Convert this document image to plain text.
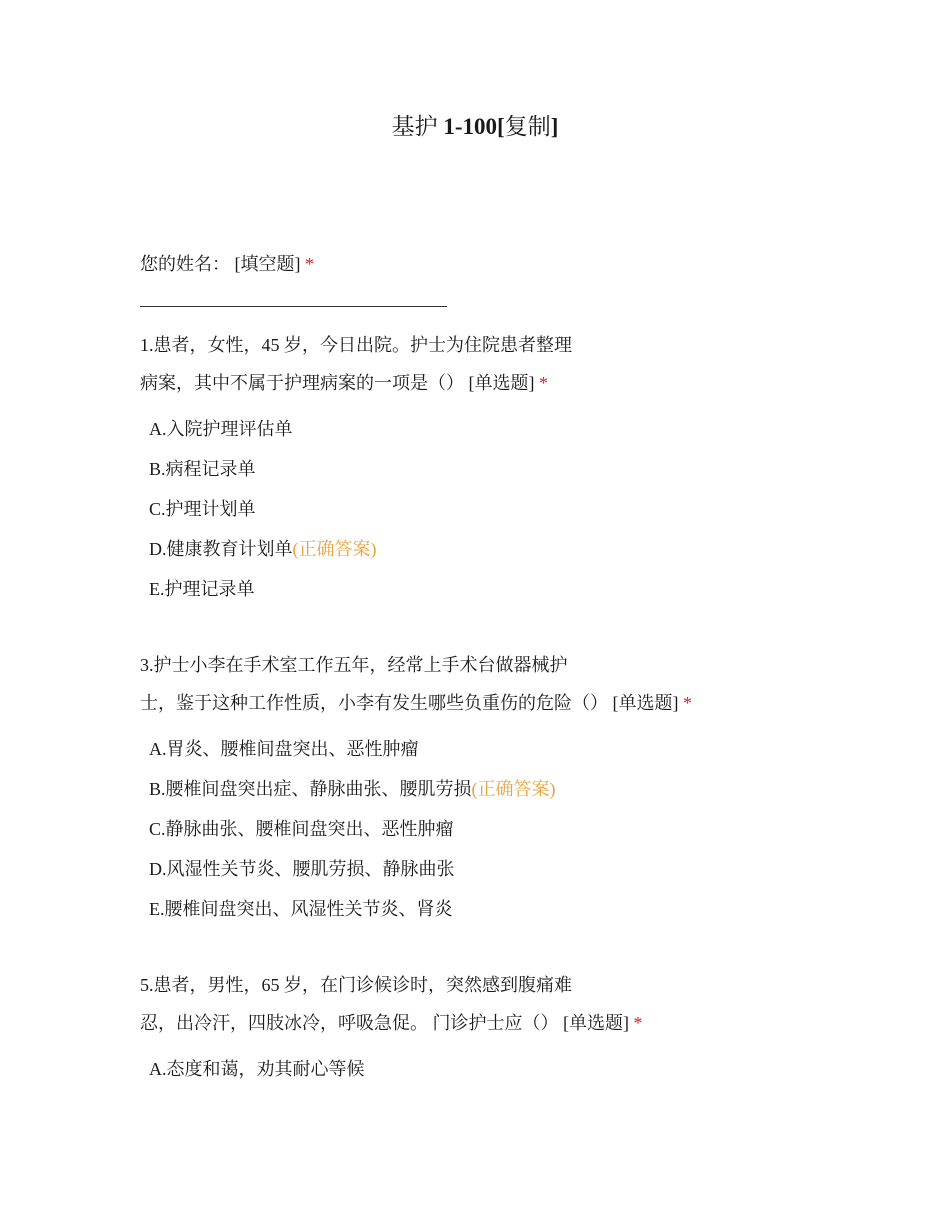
基护 1-100[复制]
您的姓名： [填空题] *
1.患者，女性，45 岁，今日出院。护士为住院患者整理
病案，其中不属于护理病案的一项是（） [单选题] *
A.入院护理评估单
B.病程记录单
C.护理计划单
D.健康教育计划单(正确答案)
E.护理记录单
3.护士小李在手术室工作五年，经常上手术台做器械护
士，鉴于这种工作性质，小李有发生哪些负重伤的危险（） [单选题] *
A.胃炎、腰椎间盘突出、恶性肿瘤
B.腰椎间盘突出症、静脉曲张、腰肌劳损(正确答案)
C.静脉曲张、腰椎间盘突出、恶性肿瘤
D.风湿性关节炎、腰肌劳损、静脉曲张
E.腰椎间盘突出、风湿性关节炎、肾炎
5.患者，男性，65 岁，在门诊候诊时，突然感到腹痛难
忍，出冷汗，四肢冰冷，呼吸急促。 门诊护士应（） [单选题] *
A.态度和蔼，劝其耐心等候
